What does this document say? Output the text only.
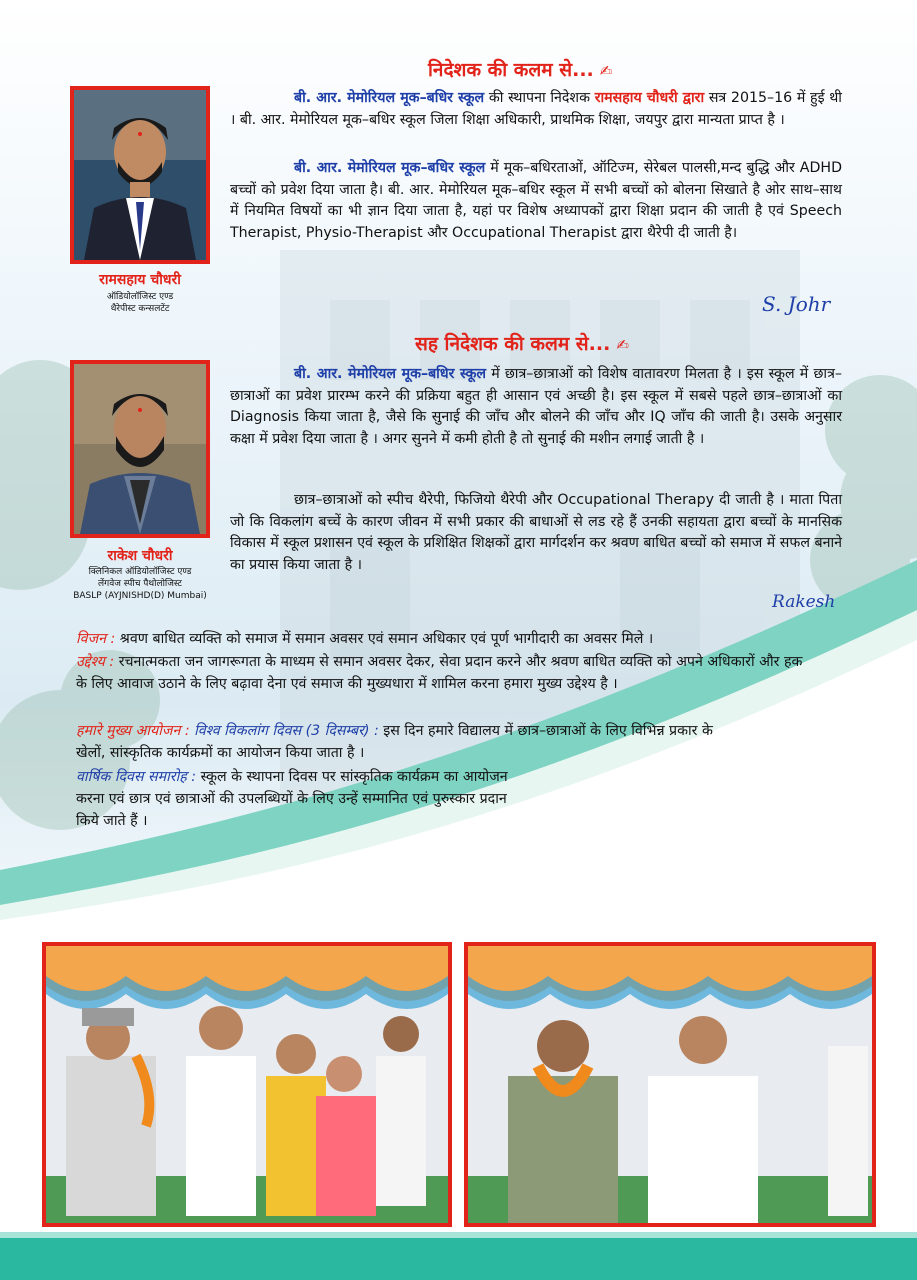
रामसहाय चौधरी
ऑडियोलॉजिस्ट एण्ड
थैरेपीस्ट कन्सलटेंट
निदेशक की कलम से... ✍
बी. आर. मेमोरियल मूक–बधिर स्कूल की स्थापना निदेशक रामसहाय चौधरी द्वारा सत्र 2015–16 में हुई थी । बी. आर. मेमोरियल मूक–बधिर स्कूल जिला शिक्षा अधिकारी, प्राथमिक शिक्षा, जयपुर द्वारा मान्यता प्राप्त है ।
बी. आर. मेमोरियल मूक–बधिर स्कूल में मूक–बधिरताओं, ऑटिज्म, सेरेबल पालसी,मन्द बुद्धि और ADHD बच्चों को प्रवेश दिया जाता है। बी. आर. मेमोरियल मूक–बधिर स्कूल में सभी बच्चों को बोलना सिखाते है ओर साथ–साथ में नियमित विषयों का भी ज्ञान दिया जाता है, यहां पर विशेष अध्यापकों द्वारा शिक्षा प्रदान की जाती है एवं Speech Therapist, Physio-Therapist और Occupational Therapist द्वारा थैरेपी दी जाती है।
S. Johr
सह निदेशक की कलम से... ✍
राकेश चौधरी
क्लिनिकल ऑडियोलॉजिस्ट एण्ड
लेंगवेज स्पीच पैथोलोजिस्ट
BASLP (AYJNISHD(D) Mumbai)
बी. आर. मेमोरियल मूक–बधिर स्कूल में छात्र–छात्राओं को विशेष वातावरण मिलता है । इस स्कूल में छात्र–छात्राओं का प्रवेश प्रारम्भ करने की प्रक्रिया बहुत ही आसान एवं अच्छी है। इस स्कूल में सबसे पहले छात्र–छात्राओं का Diagnosis किया जाता है, जैसे कि सुनाई की जाँच और बोलने की जाँच और IQ जाँच की जाती है। उसके अनुसार कक्षा में प्रवेश दिया जाता है । अगर सुनने में कमी होती है तो सुनाई की मशीन लगाई जाती है ।
छात्र–छात्राओं को स्पीच थैरेपी, फिजियो थैरेपी और Occupational Therapy दी जाती है । माता पिता जो कि विकलांग बच्चें के कारण जीवन में सभी प्रकार की बाधाओं से लड रहे हैं उनकी सहायता द्वारा बच्चों के मानसिक विकास में स्कूल प्रशासन एवं स्कूल के प्रशिक्षित शिक्षकों द्वारा मार्गदर्शन कर श्रवण बाधित बच्चों को समाज में सफल बनाने का प्रयास किया जाता है ।
Rakesh
विजन : श्रवण बाधित व्यक्ति को समाज में समान अवसर एवं समान अधिकार एवं पूर्ण भागीदारी का अवसर मिले ।
उद्देश्य : रचनात्मकता जन जागरूगता के माध्यम से समान अवसर देकर, सेवा प्रदान करने और श्रवण बाधित व्यक्ति को अपने अधिकारों और हक के लिए आवाज उठाने के लिए बढ़ावा देना एवं समाज की मुख्यधारा में शामिल करना हमारा मुख्य उद्देश्य है ।
हमारे मुख्य आयोजन : विश्व विकलांग दिवस (3 दिसम्बर) : इस दिन हमारे विद्यालय में छात्र–छात्राओं के लिए विभिन्न प्रकार के खेलों, सांस्कृतिक कार्यक्रमों का आयोजन किया जाता है ।
वार्षिक दिवस समारोह : स्कूल के स्थापना दिवस पर सांस्कृतिक कार्यक्रम का आयोजन करना एवं छात्र एवं छात्राओं की उपलब्धियों के लिए उन्हें सम्मानित एवं पुरुस्कार प्रदान किये जाते हैं ।
